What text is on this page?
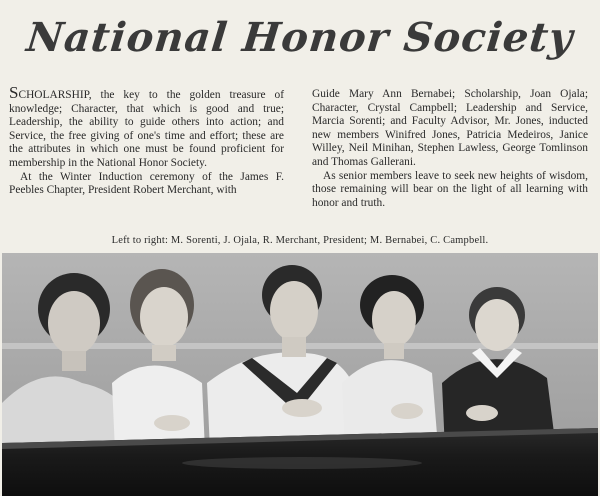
National Honor Society

SCHOLARSHIP, the key to the golden treasure of knowledge; Character, that which is good and true; Leadership, the ability to guide others into action; and Service, the free giving of one's time and effort; these are the attributes in which one must be found proficient for membership in the National Honor Society.

At the Winter Induction ceremony of the James F. Peebles Chapter, President Robert Merchant, with

Guide Mary Ann Bernabei; Scholarship, Joan Ojala; Character, Crystal Campbell; Leadership and Service, Marcia Sorenti; and Faculty Advisor, Mr. Jones, inducted new members Winifred Jones, Patricia Medeiros, Janice Willey, Neil Minihan, Stephen Lawless, George Tomlinson and Thomas Gallerani.

As senior members leave to seek new heights of wisdom, those remaining will bear on the light of all learning with honor and truth.

Left to right: M. Sorenti, J. Ojala, R. Merchant, President; M. Bernabei, C. Campbell.
